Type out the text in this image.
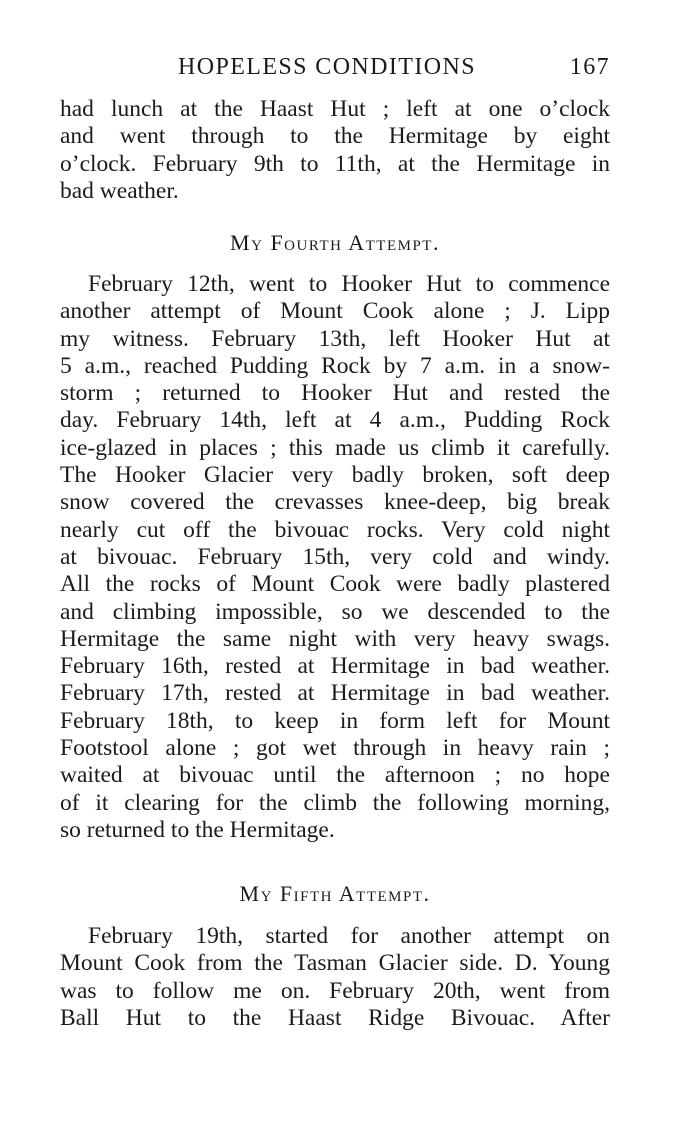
HOPELESS CONDITIONS	167
had lunch at the Haast Hut ; left at one o’clock
and went through to the Hermitage by eight
o’clock. February 9th to 11th, at the Hermitage in
bad weather.
My Fourth Attempt.
February 12th, went to Hooker Hut to commence
another attempt of Mount Cook alone ; J. Lipp
my witness. February 13th, left Hooker Hut at
5 a.m., reached Pudding Rock by 7 a.m. in a snow-
storm ; returned to Hooker Hut and rested the
day. February 14th, left at 4 a.m., Pudding Rock
ice-glazed in places ; this made us climb it carefully.
The Hooker Glacier very badly broken, soft deep
snow covered the crevasses knee-deep, big break
nearly cut off the bivouac rocks. Very cold night
at bivouac. February 15th, very cold and windy.
All the rocks of Mount Cook were badly plastered
and climbing impossible, so we descended to the
Hermitage the same night with very heavy swags.
February 16th, rested at Hermitage in bad weather.
February 17th, rested at Hermitage in bad weather.
February 18th, to keep in form left for Mount
Footstool alone ; got wet through in heavy rain ;
waited at bivouac until the afternoon ; no hope
of it clearing for the climb the following morning,
so returned to the Hermitage.
My Fifth Attempt.
February 19th, started for another attempt on
Mount Cook from the Tasman Glacier side. D. Young
was to follow me on. February 20th, went from
Ball Hut to the Haast Ridge Bivouac. After
